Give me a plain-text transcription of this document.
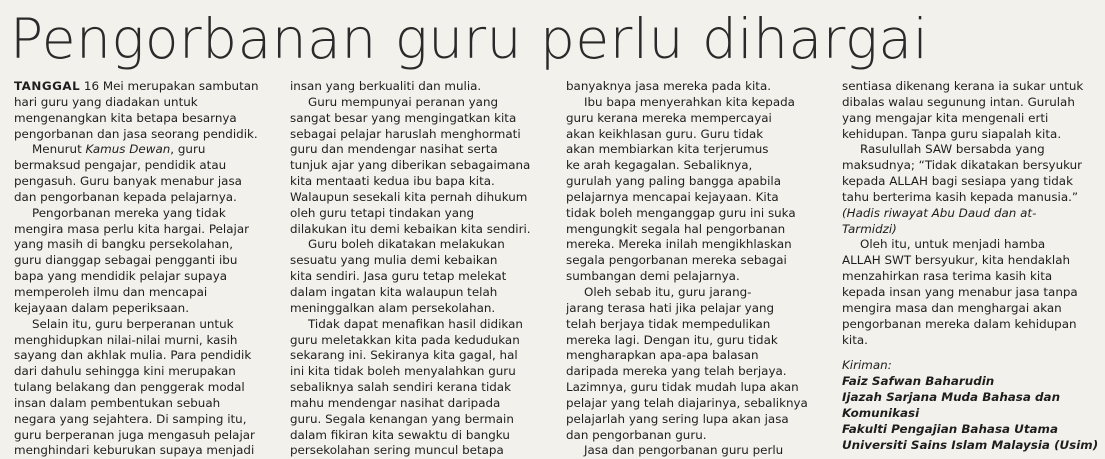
Pengorbanan guru perlu dihargai
TANGGAL 16 Mei merupakan sambutan
hari guru yang diadakan untuk
mengenangkan kita betapa besarnya
pengorbanan dan jasa seorang pendidik.
Menurut Kamus Dewan, guru
bermaksud pengajar, pendidik atau
pengasuh. Guru banyak menabur jasa
dan pengorbanan kepada pelajarnya.
Pengorbanan mereka yang tidak
mengira masa perlu kita hargai. Pelajar
yang masih di bangku persekolahan,
guru dianggap sebagai pengganti ibu
bapa yang mendidik pelajar supaya
memperoleh ilmu dan mencapai
kejayaan dalam peperiksaan.
Selain itu, guru berperanan untuk
menghidupkan nilai-nilai murni, kasih
sayang dan akhlak mulia. Para pendidik
dari dahulu sehingga kini merupakan
tulang belakang dan penggerak modal
insan dalam pembentukan sebuah
negara yang sejahtera. Di samping itu,
guru berperanan juga mengasuh pelajar
menghindari keburukan supaya menjadi
insan yang berkualiti dan mulia.
Guru mempunyai peranan yang
sangat besar yang mengingatkan kita
sebagai pelajar haruslah menghormati
guru dan mendengar nasihat serta
tunjuk ajar yang diberikan sebagaimana
kita mentaati kedua ibu bapa kita.
Walaupun sesekali kita pernah dihukum
oleh guru tetapi tindakan yang
dilakukan itu demi kebaikan kita sendiri.
Guru boleh dikatakan melakukan
sesuatu yang mulia demi kebaikan
kita sendiri. Jasa guru tetap melekat
dalam ingatan kita walaupun telah
meninggalkan alam persekolahan.
Tidak dapat menafikan hasil didikan
guru meletakkan kita pada kedudukan
sekarang ini. Sekiranya kita gagal, hal
ini kita tidak boleh menyalahkan guru
sebaliknya salah sendiri kerana tidak
mahu mendengar nasihat daripada
guru. Segala kenangan yang bermain
dalam fikiran kita sewaktu di bangku
persekolahan sering muncul betapa
banyaknya jasa mereka pada kita.
Ibu bapa menyerahkan kita kepada
guru kerana mereka mempercayai
akan keikhlasan guru. Guru tidak
akan membiarkan kita terjerumus
ke arah kegagalan. Sebaliknya,
gurulah yang paling bangga apabila
pelajarnya mencapai kejayaan. Kita
tidak boleh menganggap guru ini suka
mengungkit segala hal pengorbanan
mereka. Mereka inilah mengikhlaskan
segala pengorbanan mereka sebagai
sumbangan demi pelajarnya.
Oleh sebab itu, guru jarang-
jarang terasa hati jika pelajar yang
telah berjaya tidak mempedulikan
mereka lagi. Dengan itu, guru tidak
mengharapkan apa-apa balasan
daripada mereka yang telah berjaya.
Lazimnya, guru tidak mudah lupa akan
pelajar yang telah diajarinya, sebaliknya
pelajarlah yang sering lupa akan jasa
dan pengorbanan guru.
Jasa dan pengorbanan guru perlu
sentiasa dikenang kerana ia sukar untuk
dibalas walau segunung intan. Gurulah
yang mengajar kita mengenali erti
kehidupan. Tanpa guru siapalah kita.
Rasulullah SAW bersabda yang
maksudnya; “Tidak dikatakan bersyukur
kepada ALLAH bagi sesiapa yang tidak
tahu berterima kasih kepada manusia.”
(Hadis riwayat Abu Daud dan at-
Tarmidzi)
Oleh itu, untuk menjadi hamba
ALLAH SWT bersyukur, kita hendaklah
menzahirkan rasa terima kasih kita
kepada insan yang menabur jasa tanpa
mengira masa dan menghargai akan
pengorbanan mereka dalam kehidupan
kita.
Kiriman:
Faiz Safwan Baharudin
Ijazah Sarjana Muda Bahasa dan
Komunikasi
Fakulti Pengajian Bahasa Utama
Universiti Sains Islam Malaysia (Usim)
